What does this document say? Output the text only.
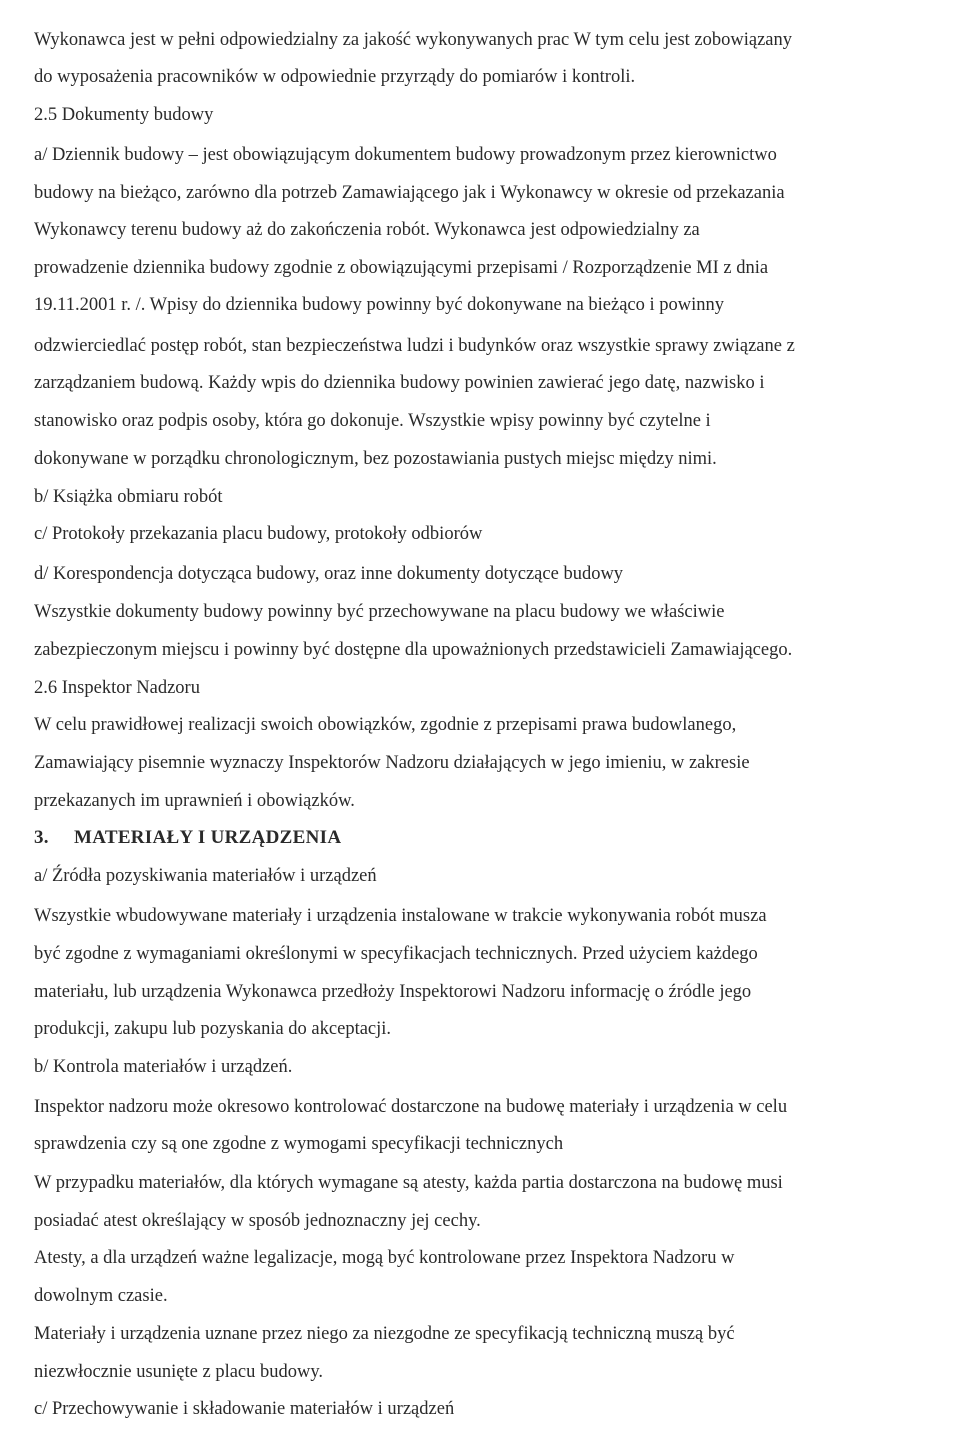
Wykonawca jest w pełni odpowiedzialny za jakość wykonywanych prac W tym celu jest zobowiązany
do wyposażenia pracowników w odpowiednie przyrządy do pomiarów i kontroli.
2.5 Dokumenty budowy
a/ Dziennik budowy – jest obowiązującym dokumentem budowy prowadzonym przez kierownictwo
budowy na bieżąco, zarówno dla potrzeb Zamawiającego jak i Wykonawcy w okresie od przekazania
Wykonawcy terenu budowy aż do zakończenia robót. Wykonawca jest odpowiedzialny za
prowadzenie dziennika budowy zgodnie z obowiązującymi przepisami / Rozporządzenie MI z dnia
19.11.2001 r. /. Wpisy do dziennika budowy powinny być dokonywane na bieżąco i powinny
odzwierciedlać postęp robót, stan bezpieczeństwa ludzi i budynków oraz wszystkie sprawy związane z
zarządzaniem budową. Każdy wpis do dziennika budowy powinien zawierać jego datę, nazwisko i
stanowisko oraz podpis osoby, która go dokonuje. Wszystkie wpisy powinny być czytelne i
dokonywane w porządku chronologicznym, bez pozostawiania pustych miejsc między nimi.
b/ Książka obmiaru robót
c/ Protokoły przekazania placu budowy, protokoły odbiorów
d/ Korespondencja dotycząca budowy, oraz inne dokumenty dotyczące budowy
Wszystkie dokumenty budowy powinny być przechowywane na placu budowy we właściwie
zabezpieczonym miejscu i powinny być dostępne dla upoważnionych przedstawicieli Zamawiającego.
2.6 Inspektor Nadzoru
W celu prawidłowej realizacji swoich obowiązków, zgodnie z przepisami prawa budowlanego,
Zamawiający pisemnie wyznaczy Inspektorów Nadzoru działających w jego imieniu, w zakresie
przekazanych im uprawnień i obowiązków.
3. MATERIAŁY I URZĄDZENIA
a/ Źródła pozyskiwania materiałów i urządzeń
Wszystkie wbudowywane materiały i urządzenia instalowane w trakcie wykonywania robót musza
być zgodne z wymaganiami określonymi w specyfikacjach technicznych. Przed użyciem każdego
materiału, lub urządzenia Wykonawca przedłoży Inspektorowi Nadzoru informację o źródle jego
produkcji, zakupu lub pozyskania do akceptacji.
b/ Kontrola materiałów i urządzeń.
Inspektor nadzoru może okresowo kontrolować dostarczone na budowę materiały i urządzenia w celu
sprawdzenia czy są one zgodne z wymogami specyfikacji technicznych
W przypadku materiałów, dla których wymagane są atesty, każda partia dostarczona na budowę musi
posiadać atest określający w sposób jednoznaczny jej cechy.
Atesty, a dla urządzeń ważne legalizacje, mogą być kontrolowane przez Inspektora Nadzoru w
dowolnym czasie.
Materiały i urządzenia uznane przez niego za niezgodne ze specyfikacją techniczną muszą być
niezwłocznie usunięte z placu budowy.
c/ Przechowywanie i składowanie materiałów i urządzeń
